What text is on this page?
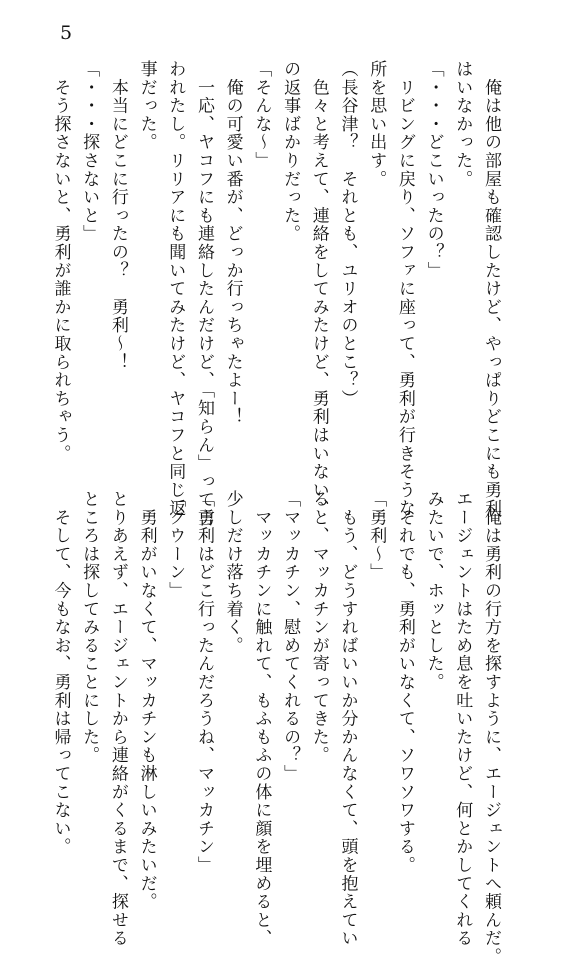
5
　俺は他の部屋も確認したけど、やっぱりどこにも勇利
はいなかった。
「・・・どこいったの？」
　リビングに戻り、ソファに座って、勇利が行きそうな
所を思い出す。
（長谷津？　それとも、ユリオのとこ？）
　色々と考えて、連絡をしてみたけど、勇利はいない、
の返事ばかりだった。
「そんな〜」
　俺の可愛い番が、どっか行っちゃたよー！
　一応、ヤコフにも連絡したんだけど、「知らん」って言
われたし。リリアにも聞いてみたけど、ヤコフと同じ返
事だった。
　本当にどこに行ったの？　勇利〜！
「・・・探さないと」
　そう探さないと、勇利が誰かに取られちゃう。
　俺は勇利の行方を探すように、エージェントへ頼んだ。
エージェントはため息を吐いたけど、何とかしてくれる
みたいで、ホッとした。
　それでも、勇利がいなくて、ソワソワする。
「勇利〜」
　もう、どうすればいいか分かんなくて、頭を抱えてい
ると、マッカチンが寄ってきた。
「マッカチン、慰めてくれるの？」
　マッカチンに触れて、もふもふの体に顔を埋めると、
少しだけ落ち着く。
「勇利はどこ行ったんだろうね、マッカチン」
「クウーン」
　勇利がいなくて、マッカチンも淋しいみたいだ。
とりあえず、エージェントから連絡がくるまで、探せる
ところは探してみることにした。
　そして、今もなお、勇利は帰ってこない。
